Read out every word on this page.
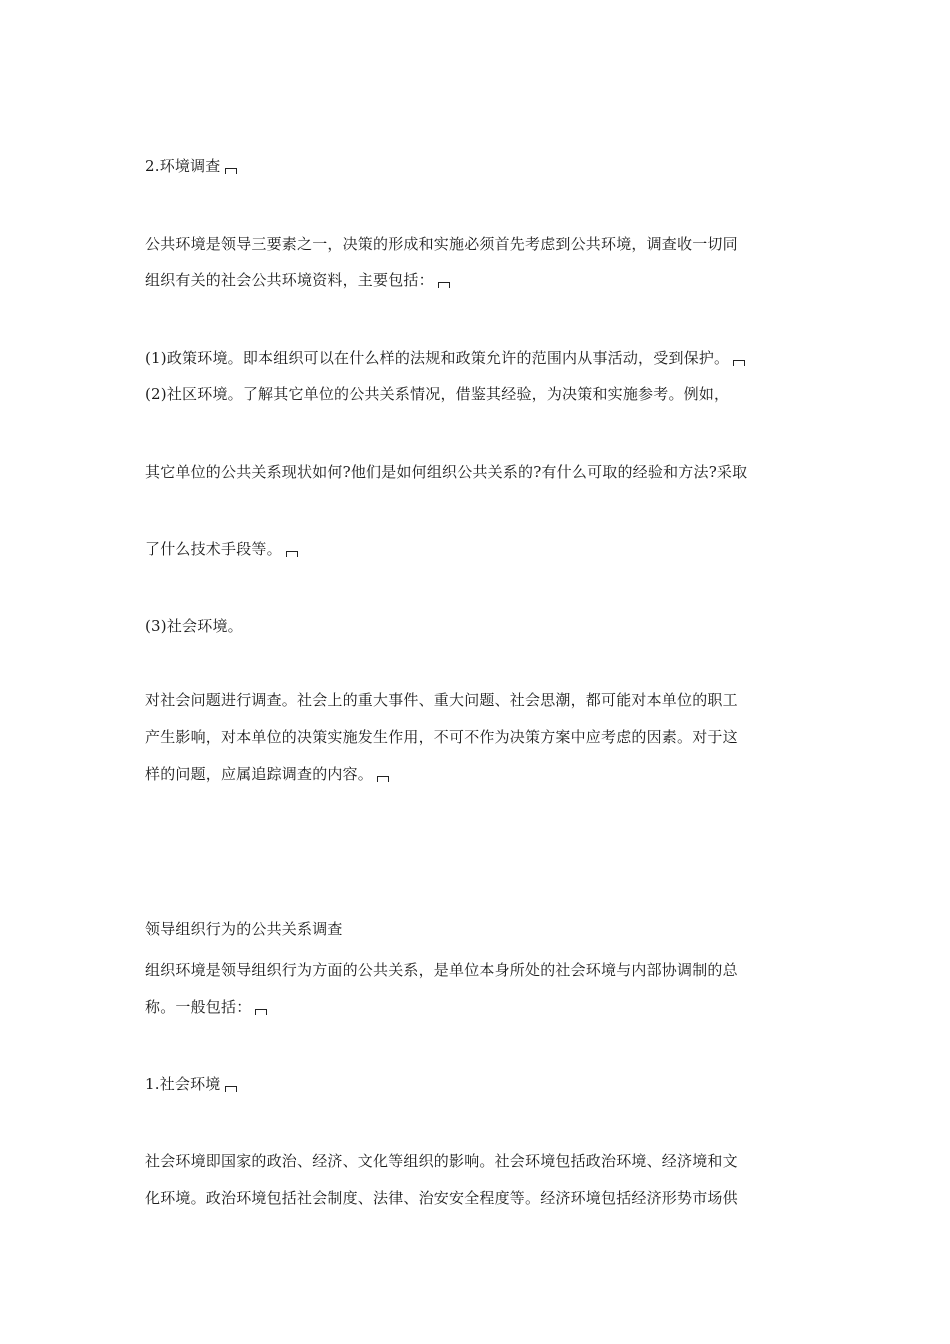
2.环境调查
公共环境是领导三要素之一，决策的形成和实施必须首先考虑到公共环境，调查收一切同
组织有关的社会公共环境资料，主要包括：
(1)政策环境。即本组织可以在什么样的法规和政策允许的范围内从事活动，受到保护。
(2)社区环境。了解其它单位的公共关系情况，借鉴其经验，为决策和实施参考。例如，
其它单位的公共关系现状如何?他们是如何组织公共关系的?有什么可取的经验和方法?采取
了什么技术手段等。
(3)社会环境。
对社会问题进行调查。社会上的重大事件、重大问题、社会思潮，都可能对本单位的职工
产生影响，对本单位的决策实施发生作用，不可不作为决策方案中应考虑的因素。对于这
样的问题，应属追踪调查的内容。
领导组织行为的公共关系调查
组织环境是领导组织行为方面的公共关系，是单位本身所处的社会环境与内部协调制的总
称。一般包括：
1.社会环境
社会环境即国家的政治、经济、文化等组织的影响。社会环境包括政治环境、经济境和文
化环境。政治环境包括社会制度、法律、治安安全程度等。经济环境包括经济形势市场供
